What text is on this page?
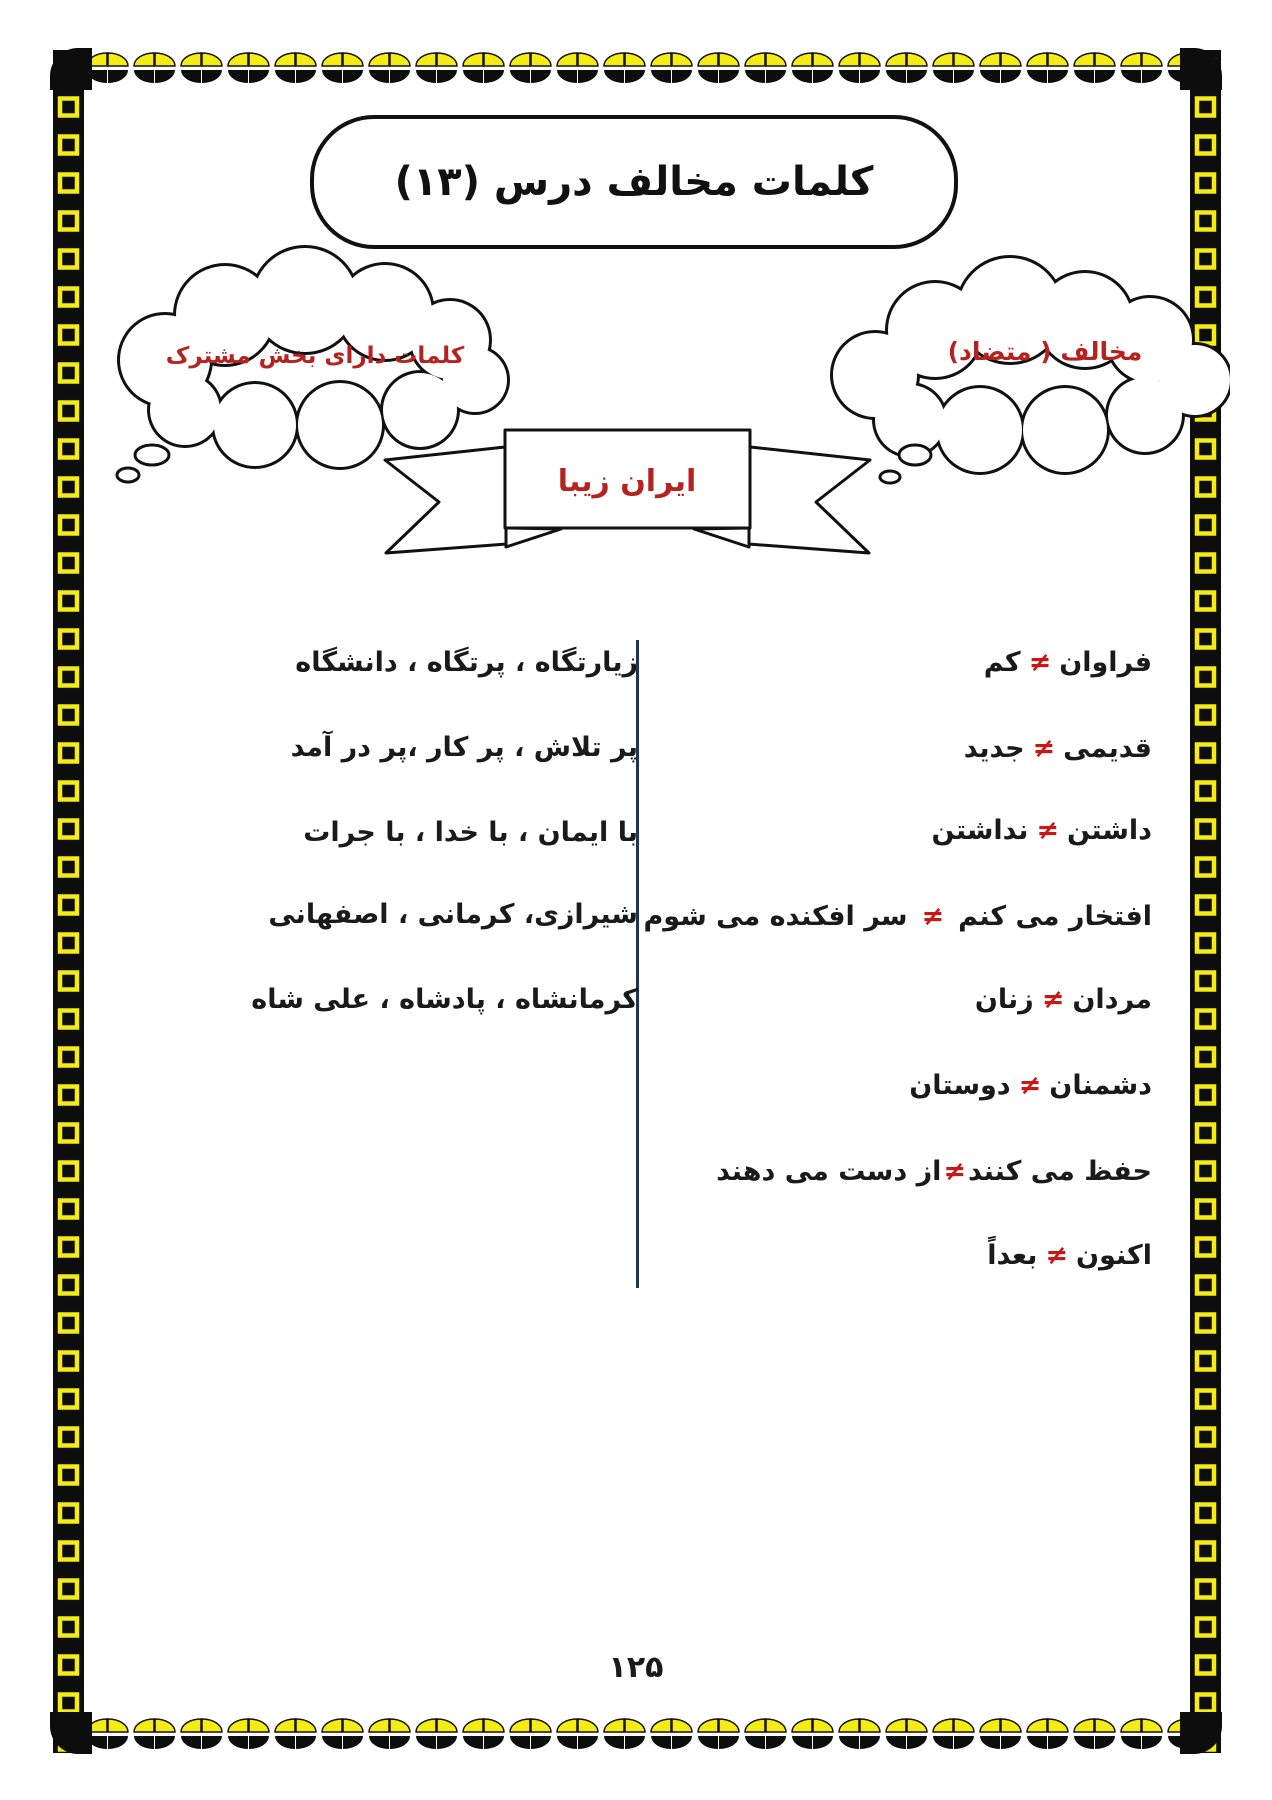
کلمات مخالف درس (۱۳)
کلمات دارای بخش مشترک	مخالف ( متضاد)
ایران زیبا
فراوان≠کم
قدیمی≠جدید
داشتن≠نداشتن
افتخار می کنم≠سر افکنده می شوم
مردان≠زنان
دشمنان≠دوستان
حفظ می کنند≠از دست می دهند
اکنون≠بعداً
زیارتگاه ، پرتگاه ، دانشگاه
پر تلاش ، پر کار ،پر در آمد
با ایمان ، با خدا ، با جرات
شیرازی، کرمانی ، اصفهانی
کرمانشاه ، پادشاه ، علی شاه
۱۲۵
